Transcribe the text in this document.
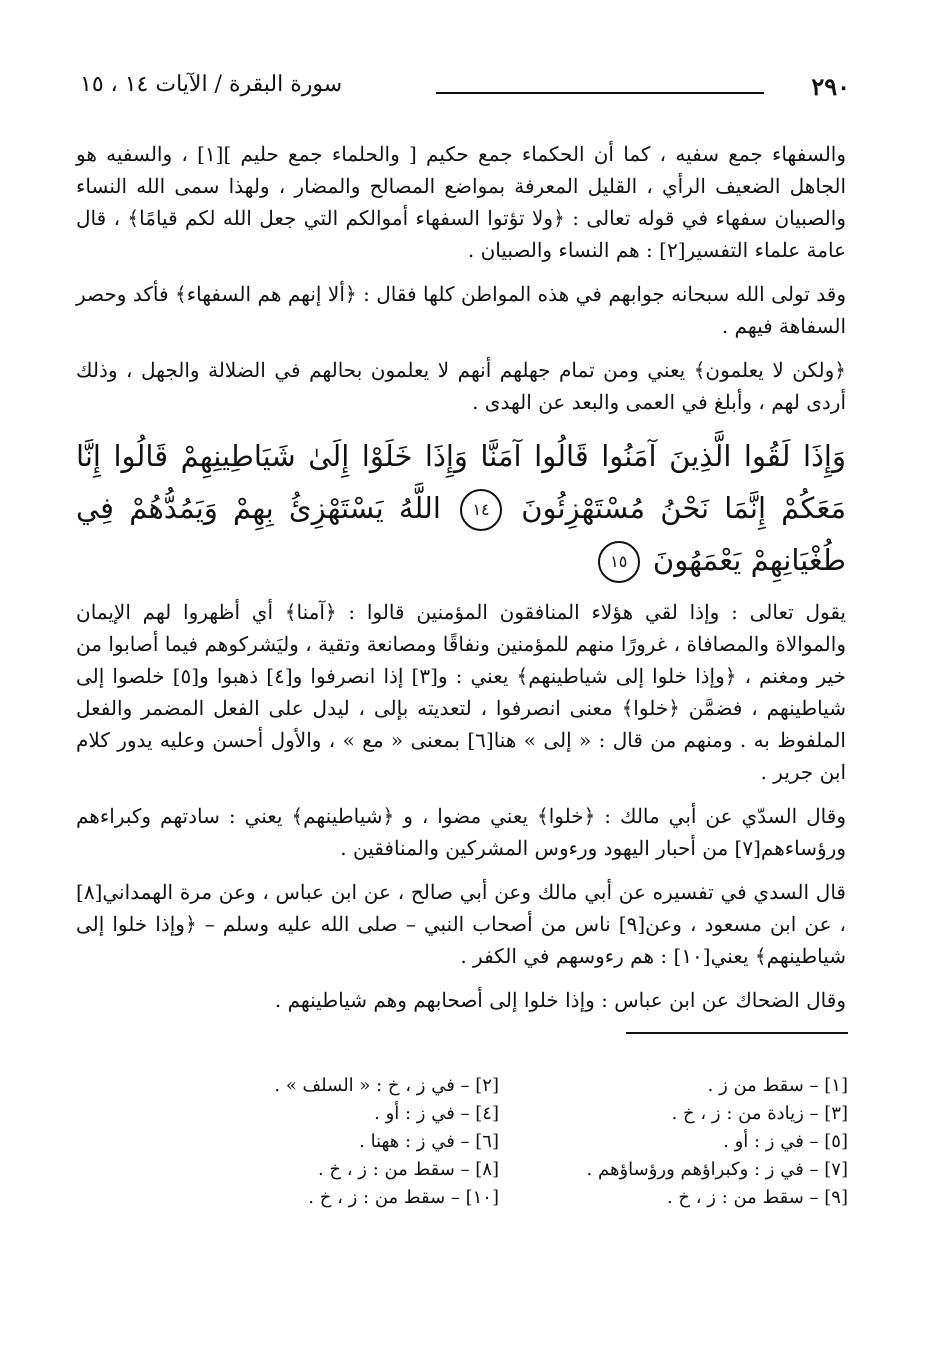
٢٩٠
سورة البقرة / الآيات ١٤ ، ١٥

والسفهاء جمع سفيه ، كما أن الحكماء جمع حكيم [ والحلماء جمع حليم ][١] ، والسفيه هو الجاهل الضعيف الرأي ، القليل المعرفة بمواضع المصالح والمضار ، ولهذا سمى الله النساء والصبيان سفهاء في قوله تعالى : ﴿ولا تؤتوا السفهاء أموالكم التي جعل الله لكم قيامًا﴾ ، قال عامة علماء التفسير[٢] : هم النساء والصبيان .

وقد تولى الله سبحانه جوابهم في هذه المواطن كلها فقال : ﴿ألا إنهم هم السفهاء﴾ فأكد وحصر السفاهة فيهم .

﴿ولكن لا يعلمون﴾ يعني ومن تمام جهلهم أنهم لا يعلمون بحالهم في الضلالة والجهل ، وذلك أردى لهم ، وأبلغ في العمى والبعد عن الهدى .

وَإِذَا لَقُوا الَّذِينَ آمَنُوا قَالُوا آمَنَّا وَإِذَا خَلَوْا إِلَىٰ شَيَاطِينِهِمْ قَالُوا إِنَّا مَعَكُمْ إِنَّمَا نَحْنُ مُسْتَهْزِئُونَ ١٤ اللَّهُ يَسْتَهْزِئُ بِهِمْ وَيَمُدُّهُمْ فِي طُغْيَانِهِمْ يَعْمَهُونَ ١٥

يقول تعالى : وإذا لقي هؤلاء المنافقون المؤمنين قالوا : ﴿آمنا﴾ أي أظهروا لهم الإيمان والموالاة والمصافاة ، غرورًا منهم للمؤمنين ونفاقًا ومصانعة وتقية ، وليَشركوهم فيما أصابوا من خير ومغنم ، ﴿وإذا خلوا إلى شياطينهم﴾ يعني : و[٣] إذا انصرفوا و[٤] ذهبوا و[٥] خلصوا إلى شياطينهم ، فضمَّن ﴿خلوا﴾ معنى انصرفوا ، لتعديته بإلى ، ليدل على الفعل المضمر والفعل الملفوظ به . ومنهم من قال : « إلى » هنا[٦] بمعنى « مع » ، والأول أحسن وعليه يدور كلام ابن جرير .

وقال السدّي عن أبي مالك : ﴿خلوا﴾ يعني مضوا ، و ﴿شياطينهم﴾ يعني : سادتهم وكبراءهم ورؤساءهم[٧] من أحبار اليهود ورءوس المشركين والمنافقين .

قال السدي في تفسيره عن أبي مالك وعن أبي صالح ، عن ابن عباس ، وعن مرة الهمداني[٨] ، عن ابن مسعود ، وعن[٩] ناس من أصحاب النبي – صلى الله عليه وسلم – ﴿وإذا خلوا إلى شياطينهم﴾ يعني[١٠] : هم رءوسهم في الكفر .

وقال الضحاك عن ابن عباس : وإذا خلوا إلى أصحابهم وهم شياطينهم .

[١] – سقط من ز .
[٢] – في ز ، خ : « السلف » .
[٣] – زيادة من : ز ، خ .
[٤] – في ز : أو .
[٥] – في ز : أو .
[٦] – في ز : ههنا .
[٧] – في ز : وكبراؤهم ورؤساؤهم .
[٨] – سقط من : ز ، خ .
[٩] – سقط من : ز ، خ .
[١٠] – سقط من : ز ، خ .
